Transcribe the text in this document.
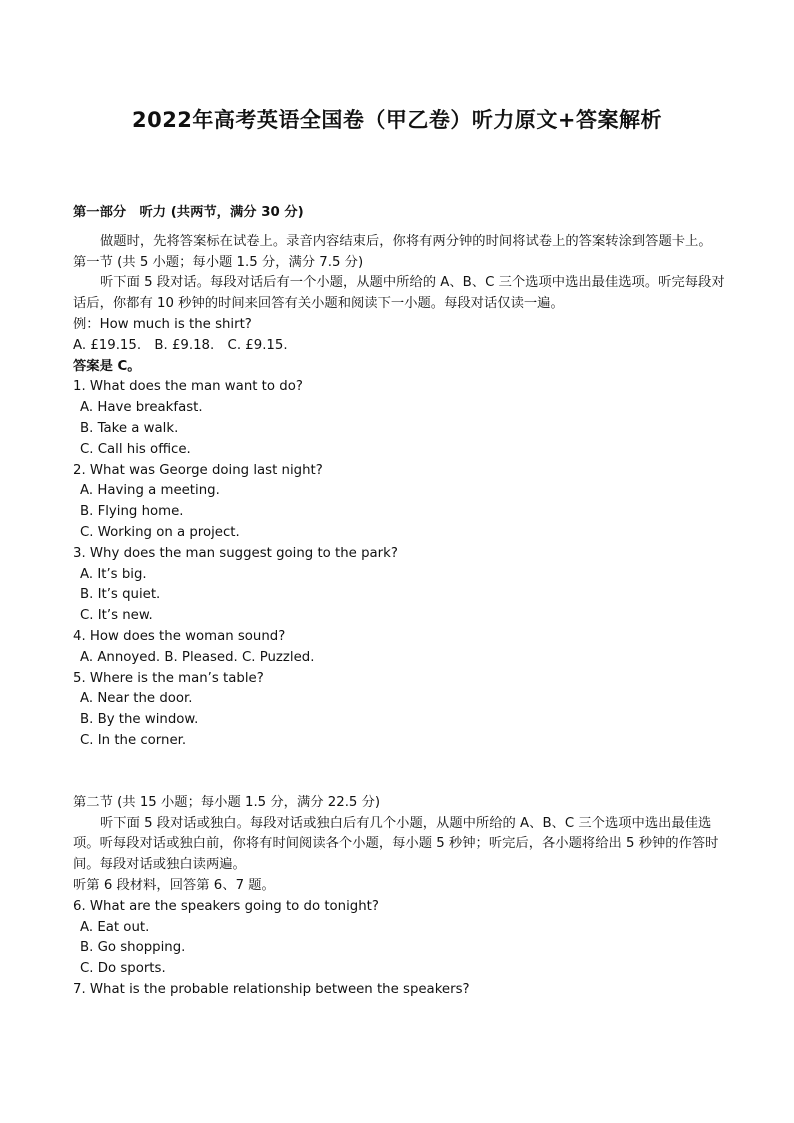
2022年高考英语全国卷（甲乙卷）听力原文+答案解析

第一部分　听力 (共两节，满分 30 分)

做题时，先将答案标在试卷上。录音内容结束后，你将有两分钟的时间将试卷上的答案转涂到答题卡上。

第一节 (共 5 小题；每小题 1.5 分，满分 7.5 分)

听下面 5 段对话。每段对话后有一个小题，从题中所给的 A、B、C 三个选项中选出最佳选项。听完每段对话后，你都有 10 秒钟的时间来回答有关小题和阅读下一小题。每段对话仅读一遍。

例：How much is the shirt?

A. £19.15.　B. £9.18.　C. £9.15.

答案是 C。

1. What does the man want to do?

A. Have breakfast.

B. Take a walk.

C. Call his office.

2. What was George doing last night?

A. Having a meeting.

B. Flying home.

C. Working on a project.

3. Why does the man suggest going to the park?

A. It’s big.

B. It’s quiet.

C. It’s new.

4. How does the woman sound?

A. Annoyed. B. Pleased. C. Puzzled.

5. Where is the man’s table?

A. Near the door.

B. By the window.

C. In the corner.

第二节 (共 15 小题；每小题 1.5 分，满分 22.5 分)

听下面 5 段对话或独白。每段对话或独白后有几个小题，从题中所给的 A、B、C 三个选项中选出最佳选项。听每段对话或独白前，你将有时间阅读各个小题，每小题 5 秒钟；听完后，各小题将给出 5 秒钟的作答时间。每段对话或独白读两遍。

听第 6 段材料，回答第 6、7 题。

6. What are the speakers going to do tonight?

A. Eat out.

B. Go shopping.

C. Do sports.

7. What is the probable relationship between the speakers?
